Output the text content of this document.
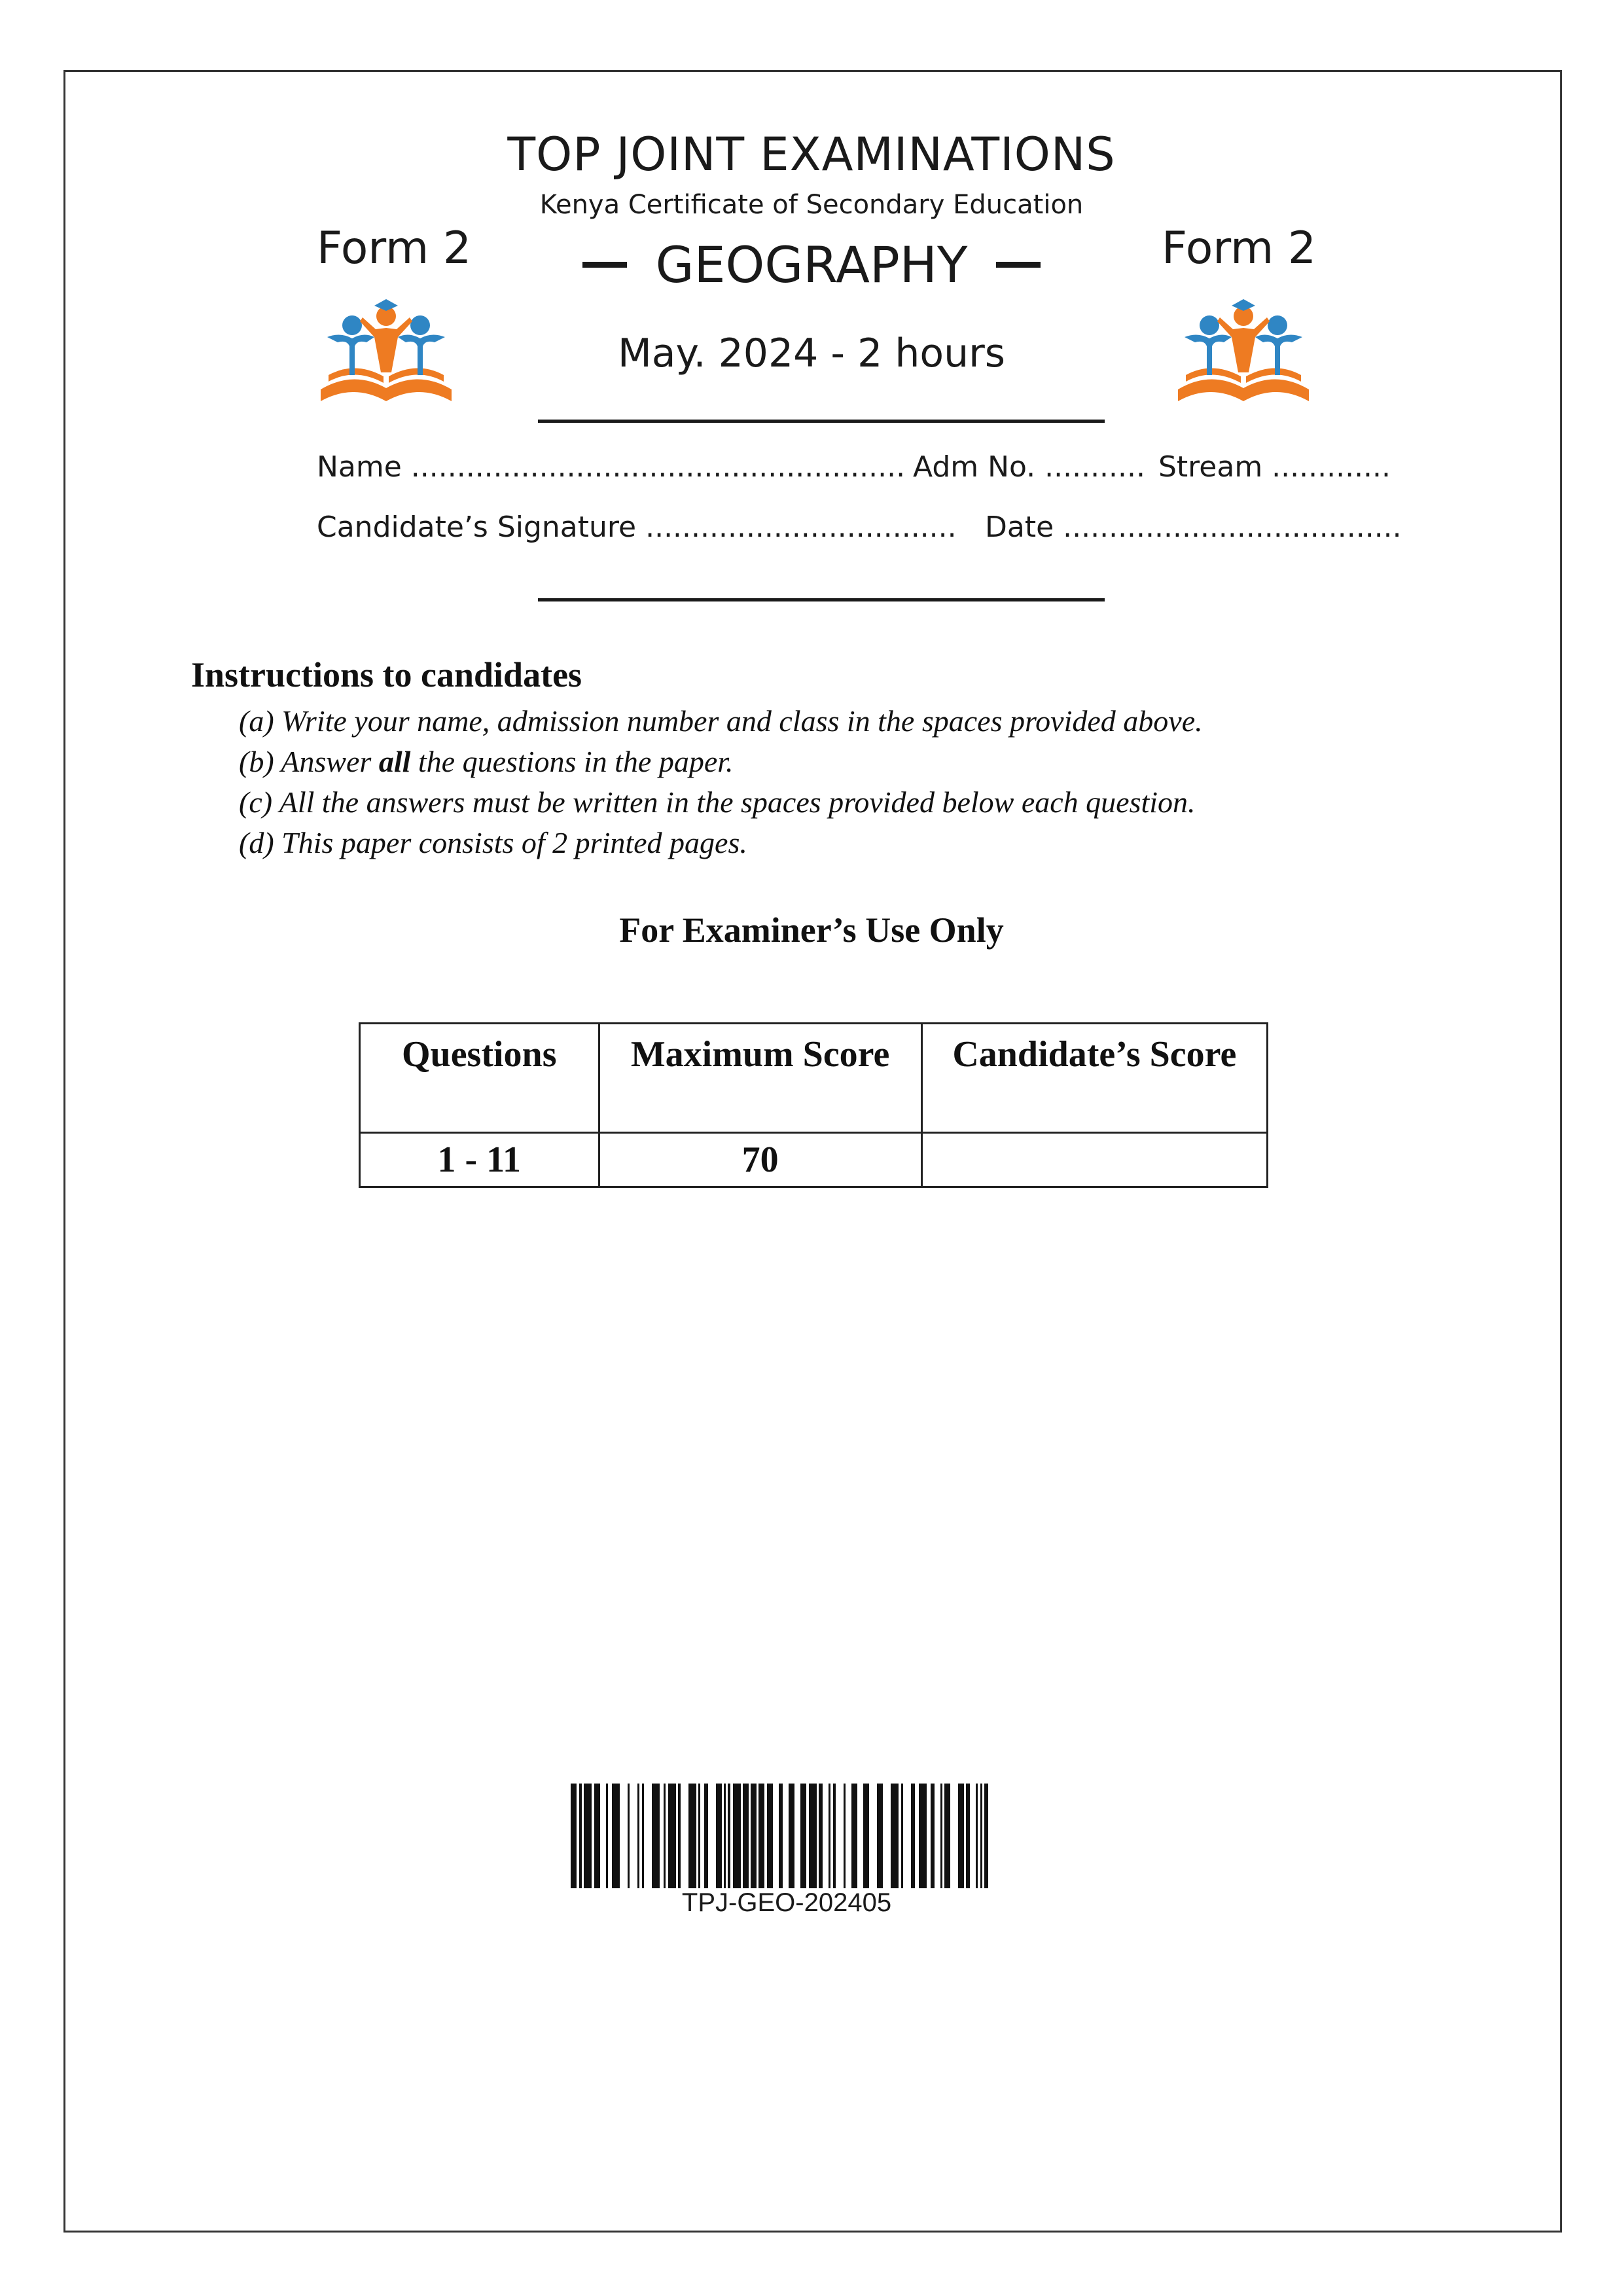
TOP JOINT EXAMINATIONS
Kenya Certificate of Secondary Education
GEOGRAPHY
Form 2	Form 2
May. 2024 - 2 hours
Name ...................................................... Adm No. ........... Stream .............
Candidate’s Signature .................................. Date .....................................
Instructions to candidates
(a) Write your name, admission number and class in the spaces provided above.
(b) Answer all the questions in the paper.
(c) All the answers must be written in the spaces provided below each question.
(d) This paper consists of 2 printed pages.
For Examiner’s Use Only
Questions	Maximum Score	Candidate’s Score
1 - 11	70	
TPJ-GEO-202405
